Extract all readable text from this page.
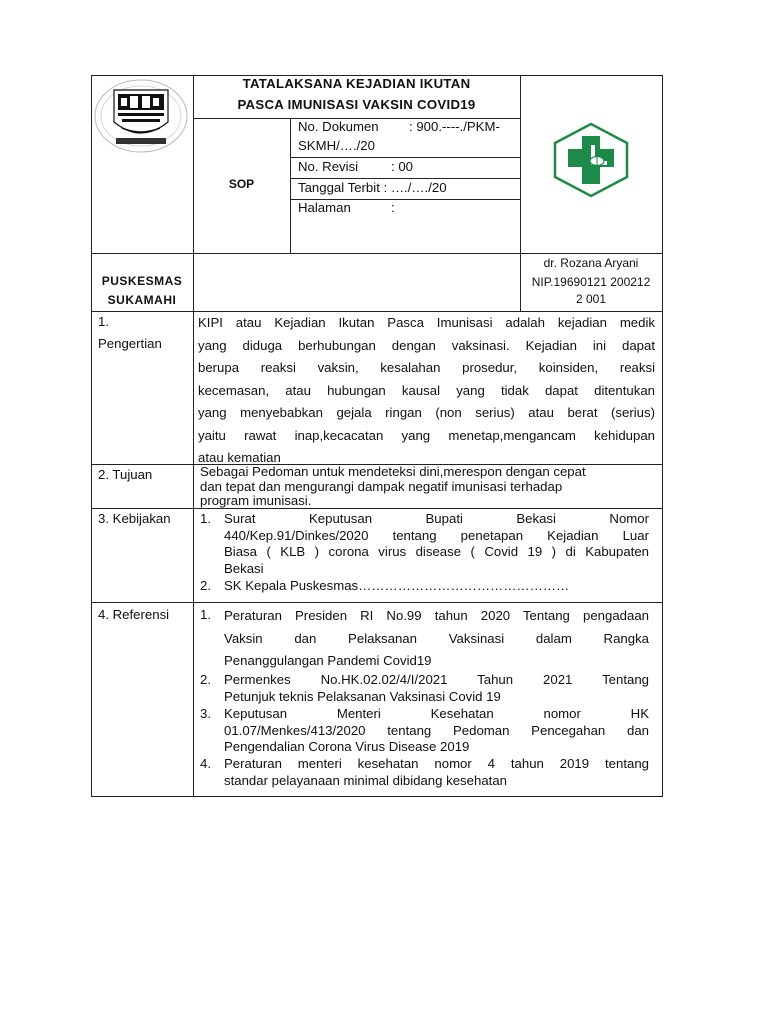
TATALAKSANA KEJADIAN IKUTAN
PASCA IMUNISASI VAKSIN COVID19
SOP
No. Dokumen : 900.----./PKM-
SKMH/…./20
No. Revisi : 00
Tanggal Terbit : …./…./20
Halaman	:
PUSKESMAS
SUKAMAHI
dr. Rozana Aryani
NIP.19690121 200212
2 001
1.
Pengertian
KIPI atau Kejadian Ikutan Pasca Imunisasi adalah kejadian medik
yang diduga berhubungan dengan vaksinasi. Kejadian ini dapat
berupa reaksi vaksin, kesalahan prosedur, koinsiden, reaksi
kecemasan, atau hubungan kausal yang tidak dapat ditentukan
yang menyebabkan gejala ringan (non serius) atau berat (serius)
yaitu rawat inap,kecacatan yang menetap,mengancam kehidupan
atau kematian
2. Tujuan	Sebagai Pedoman untuk mendeteksi dini,merespon dengan cepat
dan tepat dan mengurangi dampak negatif imunisasi terhadap
program imunisasi.
3. Kebijakan 1. Surat        Keputusan        Bupati        Bekasi        Nomor
440/Kep.91/Dinkes/2020 tentang penetapan Kejadian Luar
Biasa ( KLB ) corona virus disease ( Covid 19 ) di Kabupaten
Bekasi
2. SK Kepala Puskesmas…………………………………………
4. Referensi 1. Peraturan Presiden RI No.99 tahun 2020 Tentang pengadaan
Vaksin    dan    Pelaksanan    Vaksinasi    dalam    Rangka
Penanggulangan Pandemi Covid19
2. Permenkes No.HK.02.02/4/I/2021 Tahun 2021 Tentang
Petunjuk teknis Pelaksanan Vaksinasi Covid 19
3. Keputusan        Menteri        Kesehatan        nomor        HK
01.07/Menkes/413/2020 tentang Pedoman Pencegahan dan
Pengendalian Corona Virus Disease 2019
4. Peraturan menteri kesehatan nomor 4 tahun 2019 tentang
standar pelayanaan minimal dibidang kesehatan
